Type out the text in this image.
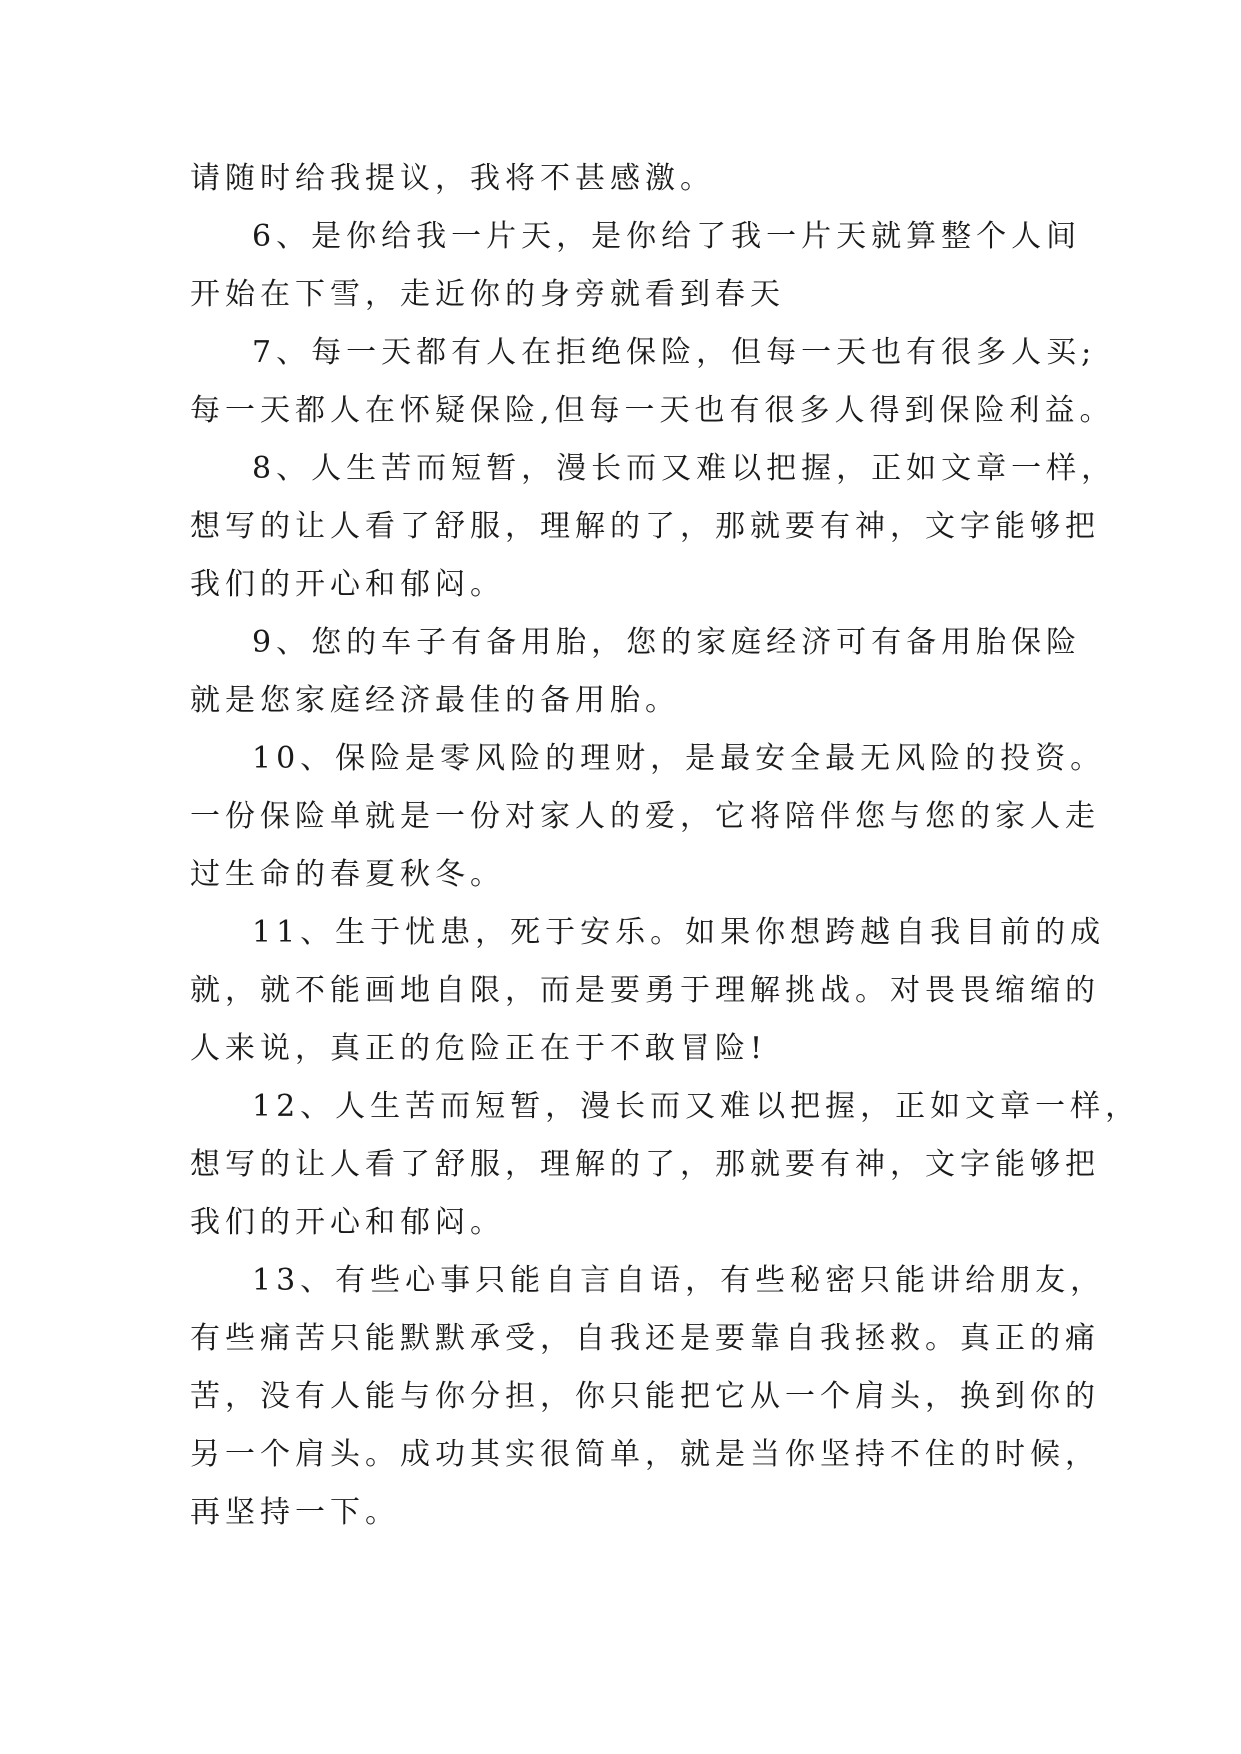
请随时给我提议，我将不甚感激。
6、是你给我一片天，是你给了我一片天就算整个人间
开始在下雪，走近你的身旁就看到春天
7、每一天都有人在拒绝保险，但每一天也有很多人买;
每一天都人在怀疑保险,但每一天也有很多人得到保险利益。
8、人生苦而短暂，漫长而又难以把握，正如文章一样，
想写的让人看了舒服，理解的了，那就要有神，文字能够把
我们的开心和郁闷。
9、您的车子有备用胎，您的家庭经济可有备用胎保险
就是您家庭经济最佳的备用胎。
10、保险是零风险的理财，是最安全最无风险的投资。
一份保险单就是一份对家人的爱，它将陪伴您与您的家人走
过生命的春夏秋冬。
11、生于忧患，死于安乐。如果你想跨越自我目前的成
就，就不能画地自限，而是要勇于理解挑战。对畏畏缩缩的
人来说，真正的危险正在于不敢冒险!
12、人生苦而短暂，漫长而又难以把握，正如文章一样，
想写的让人看了舒服，理解的了，那就要有神，文字能够把
我们的开心和郁闷。
13、有些心事只能自言自语，有些秘密只能讲给朋友，
有些痛苦只能默默承受，自我还是要靠自我拯救。真正的痛
苦，没有人能与你分担，你只能把它从一个肩头，换到你的
另一个肩头。成功其实很简单，就是当你坚持不住的时候，
再坚持一下。
